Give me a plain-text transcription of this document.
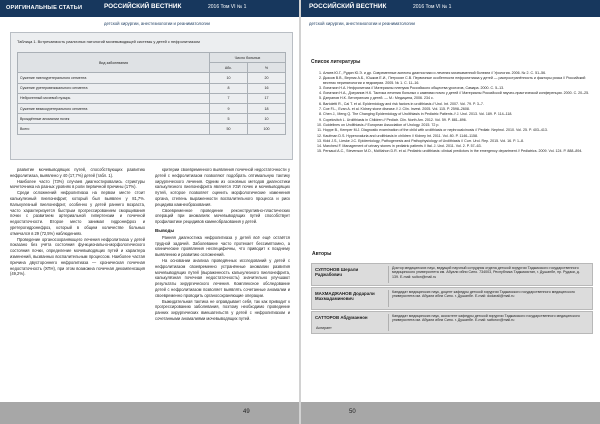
ОРИГИНАЛЬНЫЕ СТАТЬИ	РОССИЙСКИЙ ВЕСТНИК	2016 Том VI № 1
детской хирургии, анестезиологии и реаниматологии
Таблица 1. Встречаемость различных патологий мочевыводящей системы у детей с нефролитиазом
Вид заболевания	Число больных	
	Абс.	%
Сужение пиелоуретерального сегмента	10	20
Сужение уретеровезикального сегмента	8	16
Нейрогенный мочевой пузырь	7	17
Сужение везикоуретерального сегмента	9	18
Врождённые аномалии почек	5	10
Всего	50	100

развитие мочевыводящих путей, способствующих развитию нефролитиаза, выявлено у 40 (17,7%) детей (табл. 1).

Наиболее часто (73%) случаев диагностировались стриктуры мочеточника на разных уровнях в роли первичной причины (17%).

Среди осложнений нефролитиаза на первом месте стоит калькулезный пиелонефрит, который был выявлен у 81,7%. Калькулезный пиелонефрит, особенно у детей раннего возраста, часто характеризуется быстрым прогрессированием сморщивания почки с развитием артериальной гипертензии и почечной недостаточности. Второе место занимал гидронефроз и уретерогидронефроз, который в общем количестве больных отмечался в 29 (72,5%) наблюдениях.

Проведение органосохраняющего лечения нефролитиаза у детей показано без учёта состояния функционально-морфологического состояния почки, определение мочевыводящих путей и характера изменений, вызванных воспалительным процессом. Наиболее частая причина двустороннего нефролитиаза — хроническая почечная недостаточность (ХПН), при этом возможна почечная декомпенсация (49,2%).

критерии своевременного выявления почечной недостаточности у детей с нефролитиазом позволяют подобрать оптимальную тактику хирургического лечения. Одним из основных методов диагностики калькулезного пиелонефрита является УЗИ почек и мочевыводящих путей, которое позволяет оценить морфологические изменения органа, степень выраженности воспалительного процесса и риск рецидива камнеобразования.

Своевременное проведение реконструктивно-пластических операций при аномалиях мочевыводящих путей способствует профилактике рецидивов камнеобразования у детей.

Выводы

Ранняя диагностика нефролитиаза у детей всё ещё остаётся трудной задачей. Заболевание часто протекает бессимптомно, а клинические проявления неспецифичны, что приводит к позднему выявлению и развитию осложнений.

На основании анализа проведённых исследований у детей с нефролитиазом своевременно устранённые аномалии развития мочевыводящих путей (выраженность калькулезного пиелонефрита, калькулёзная почечная недостаточность) значительно улучшают результаты хирургического лечения. Комплексное обследование детей с нефролитиазом позволяет выявлять сочетанные аномалии и своевременно проводить органосохраняющие операции.

Выжидательная тактика не оправдывает себя, так как приводит к прогрессированию заболевания, поэтому необходимо проведение ранних хирургических вмешательств у детей с нефролитиазом и сочетанными аномалиями мочевыводящих путей.

49
РОССИЙСКИЙ ВЕСТНИК	2016 Том VI № 1
детской хирургии, анестезиологии и реаниматологии
Список литературы
1. Аляев Ю.Г., Рудин Ю.Э. и др. Современные аспекты диагностики и лечения мочекаменной болезни // Урология. 2006. № 2. С. 51–56.
2. Дьяков В.В., Верник А.Б., Юшков Е.И., Петросян С.В. Первичные особенности нефролитиаза у детей — распространённость и факторы риска // Российский вестник перинатологии и педиатрии. 2005. № 1. С. 11–16.
3. Лопаткин Н.А. Нефролитиаз // Материалы пленума Российского общества урологов, Самара. 2000. С. 5–13.
4. Лопаткин Н.А., Дзеранов Н.К. Тактика лечения больных с камнями почек у детей // Материалы Российской научно-практической конференции. 2000. С. 20–25.
5. Дзеранов Н.К. Литотрипсия у детей. — М.: Медицина, 2006. 234 с.
6. Bartoletti R., Cai T. et al. Epidemiology and risk factors in urolithiasis // Urol. Int. 2007. Vol. 79. P. 3–7.
7. Coe F.L., Evan A. et al. Kidney stone disease // J. Clin. Invest. 2005. Vol. 115. P. 2598–2608.
8. Chen J., Meng Q. The Changing Epidemiology of Urolithiasis in Pediatric Patients // J. Urol. 2013. Vol. 189. P. 114–118.
9. Copelovitch L. Urolithiasis in Children // Pediatr. Clin. North Am. 2012. Vol. 59. P. 881–896.
10. Guidelines on Urolithiasis // European Association of Urology. 2015. 72 p.
11. Hoppe B., Kemper M.J. Diagnostic examination of the child with urolithiasis or nephrocalcinosis // Pediatr. Nephrol. 2010. Vol. 25. P. 403–413.
12. Kaufman D.S. Hyperoxaluria and urolithiasis in children // Kidney Int. 2011. Vol. 80. P. 1146–1158.
13. Kidd J.S., Lieske J.C. Epidemiology, Pathogenesis and Pathophysiology of Urolithiasis // Curr. Urol. Rep. 2015. Vol. 16. P. 1–8.
14. Marchesi F. Management of urinary stones in pediatric patients // Ital. J. Urol. 2011. Vol. 2. P. 57–63.
15. Persaud A.C., Stevenson M.D., McMahon D.R. et al. Pediatric urolithiasis: clinical predictors in the emergency department // Pediatrics. 2009. Vol. 124. P. 888–894.
Авторы
СУЛТОНОВ Шерали Раджабович
Доктор медицинских наук, ведущий научный сотрудник отдела детской хирургии Таджикского государственного медицинского университета им. Абуали ибни Сино. 734003, Республика Таджикистан, г. Душанбе, пр. Рудаки, д. 139. E-mail: sulton@mail.ru
МАХМАДЖАНОВ Додарали Махмадаминович
Кандидат медицинских наук, доцент кафедры детской хирургии Таджикского государственного медицинского университета им. Абуали ибни Сино. г. Душанбе. E-mail: dodarali@mail.ru
САТТОРОВ Абдуманнон
Аспирант
Кандидат медицинских наук, ассистент кафедры детской хирургии Таджикского государственного медицинского университета им. Абуали ибни Сино. г. Душанбе. E-mail: sattorov@mail.ru
50
